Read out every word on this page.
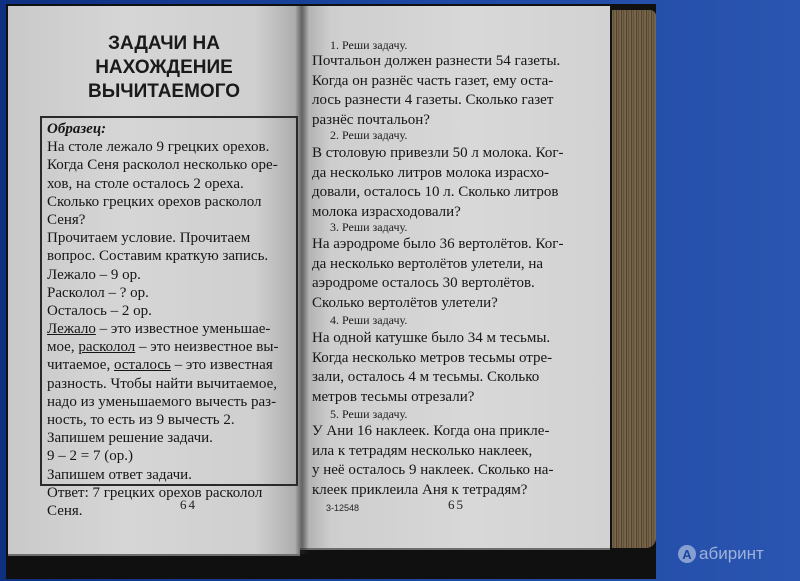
ЗАДАЧИ НА НАХОЖДЕНИЕ
ВЫЧИТАЕМОГО
Образец:
На столе лежало 9 грецких орехов.
Когда Сеня расколол несколько оре-
хов, на столе осталось 2 ореха.
Сколько грецких орехов расколол
Сеня?
Прочитаем условие. Прочитаем
вопрос. Составим краткую запись.
Лежало – 9 ор.
Расколол – ? ор.
Осталось – 2 ор.
Лежало – это известное уменьшае-
мое, расколол – это неизвестное вы-
читаемое, осталось – это известная
разность. Чтобы найти вычитаемое,
надо из уменьшаемого вычесть раз-
ность, то есть из 9 вычесть 2.
Запишем решение задачи.
9 – 2 = 7 (ор.)
Запишем ответ задачи.
Ответ: 7 грецких орехов расколол
Сеня.	64
1. Реши задачу.
Почтальон должен разнести 54 газеты.
Когда он разнёс часть газет, ему оста-
лось разнести 4 газеты. Сколько газет
разнёс почтальон?
2. Реши задачу.
В столовую привезли 50 л молока. Ког-
да несколько литров молока израсхо-
довали, осталось 10 л. Сколько литров
молока израсходовали?
3. Реши задачу.
На аэродроме было 36 вертолётов. Ког-
да несколько вертолётов улетели, на
аэродроме осталось 30 вертолётов.
Сколько вертолётов улетели?
4. Реши задачу.
На одной катушке было 34 м тесьмы.
Когда несколько метров тесьмы отре-
зали, осталось 4 м тесьмы. Сколько
метров тесьмы отрезали?
5. Реши задачу.
У Ани 16 наклеек. Когда она прикле-
ила к тетрадям несколько наклеек,
у неё осталось 9 наклеек. Сколько на-
клеек приклеила Аня к тетрадям?
3-12548	65
А абиринт
